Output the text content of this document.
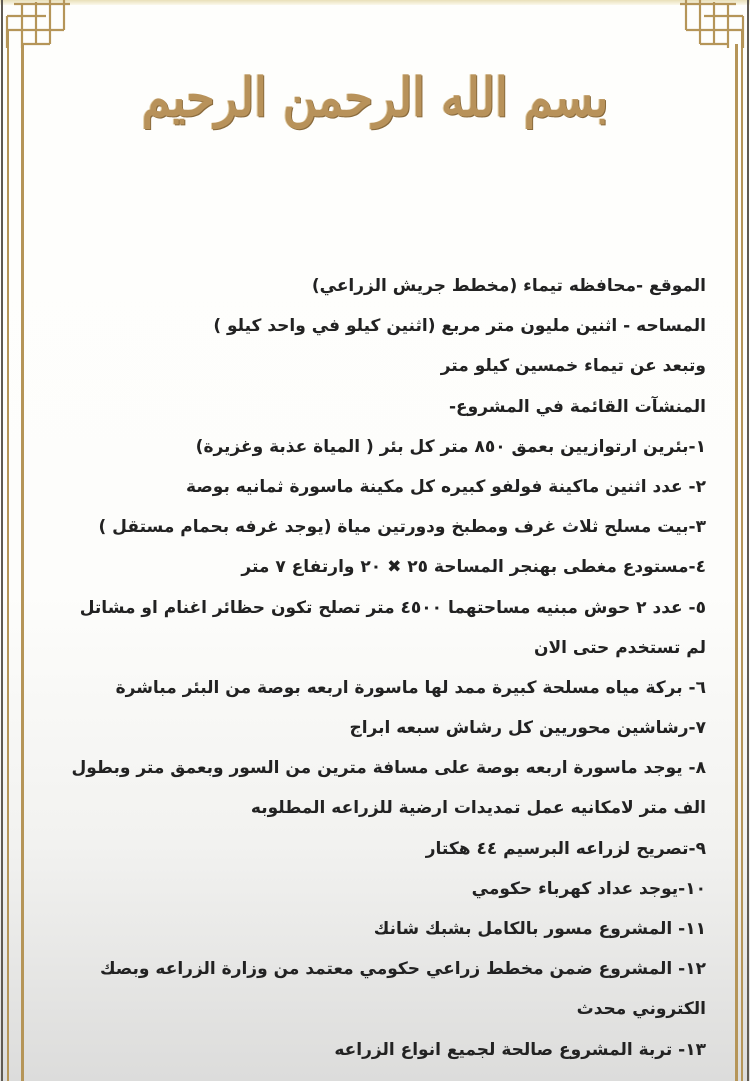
بسم الله الرحمن الرحيم
الموقع -محافظه تيماء (مخطط جريش الزراعي)
المساحه - اثنين مليون متر مربع (اثنين كيلو في واحد كيلو )
وتبعد عن تيماء خمسين كيلو متر
المنشآت القائمة في المشروع-
١-بئرين ارتوازيين بعمق ٨٥٠ متر كل بئر ( المياة عذبة وغزيرة)
٢- عدد اثنين ماكينة فولفو كبيره كل مكينة ماسورة ثمانيه بوصة
٣-بيت مسلح ثلاث غرف ومطبخ ودورتين مياة (يوجد غرفه بحمام مستقل )
٤-مستودع مغطى بهنجر المساحة ٢٥ ✖ ٢٠ وارتفاع ٧ متر
٥- عدد ٢ حوش مبنيه مساحتهما ٤٥٠٠ متر تصلح تكون حظائر اغنام او مشاتل
لم تستخدم حتى الان
٦- بركة مياه مسلحة كبيرة ممد لها ماسورة اربعه بوصة من البئر مباشرة
٧-رشاشين محوريين كل رشاش سبعه ابراج
٨- يوجد ماسورة اربعه بوصة على مسافة مترين من السور وبعمق متر وبطول
الف متر لامكانيه عمل تمديدات ارضية للزراعه المطلوبه
٩-تصريح لزراعه البرسيم ٤٤ هكتار
١٠-يوجد عداد كهرباء حكومي
١١- المشروع مسور بالكامل بشبك شانك
١٢- المشروع ضمن مخطط زراعي حكومي معتمد من وزارة الزراعه وبصك
الكتروني محدث
١٣- تربة المشروع صالحة لجميع انواع الزراعه
